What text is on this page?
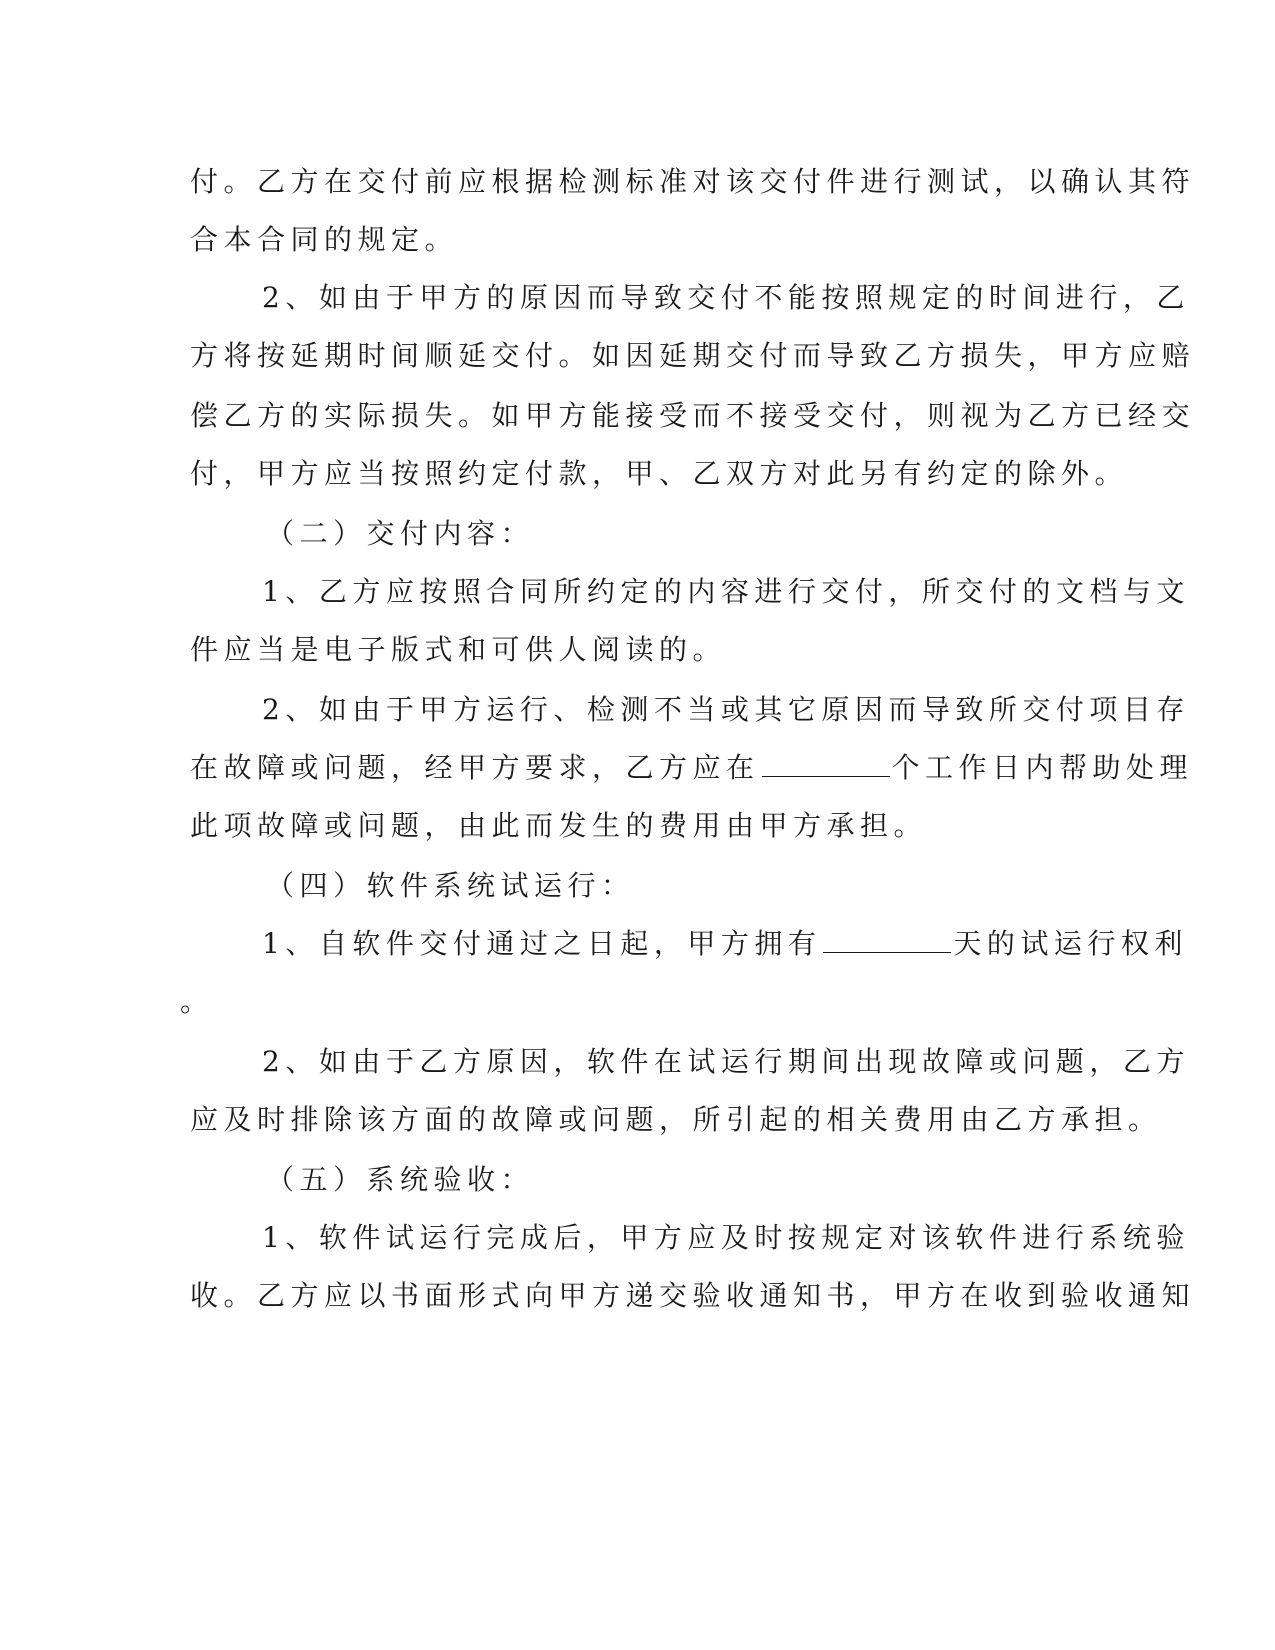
付。乙方在交付前应根据检测标准对该交付件进行测试，以确认其符
合本合同的规定。
2、如由于甲方的原因而导致交付不能按照规定的时间进行，乙
方将按延期时间顺延交付。如因延期交付而导致乙方损失，甲方应赔
偿乙方的实际损失。如甲方能接受而不接受交付，则视为乙方已经交
付，甲方应当按照约定付款，甲、乙双方对此另有约定的除外。
（二）交付内容：
1、乙方应按照合同所约定的内容进行交付，所交付的文档与文
件应当是电子版式和可供人阅读的。
2、如由于甲方运行、检测不当或其它原因而导致所交付项目存
在故障或问题，经甲方要求，乙方应在	个工作日内帮助处理
此项故障或问题，由此而发生的费用由甲方承担。
（四）软件系统试运行：
1、自软件交付通过之日起，甲方拥有	天的试运行权利
。
2、如由于乙方原因，软件在试运行期间出现故障或问题，乙方
应及时排除该方面的故障或问题，所引起的相关费用由乙方承担。
（五）系统验收：
1、软件试运行完成后，甲方应及时按规定对该软件进行系统验
收。乙方应以书面形式向甲方递交验收通知书，甲方在收到验收通知
